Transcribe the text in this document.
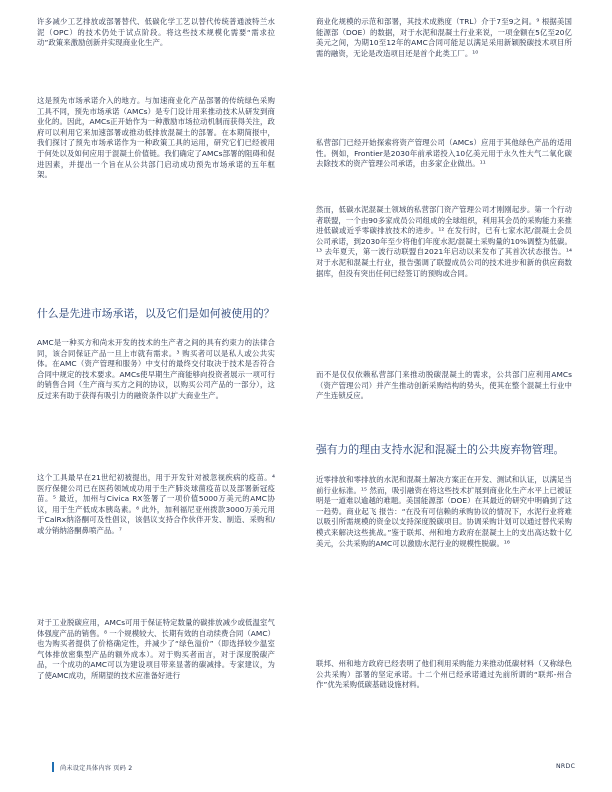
许多减少工艺排放或部署替代、低碳化学工艺以替代传统普通波特兰水泥（OPC）的技术仍处于试点阶段。将这些技术规模化需要“需求拉动”政策来激励创新并实现商业化生产。

这是预先市场承诺介入的地方。与加速商业化产品部署的传统绿色采购工具不同，预先市场承诺（AMCs）是专门设计用来推动技术从研发到商业化的。因此，AMCs正开始作为一种激励市场拉动机制而获得关注，政府可以利用它来加速部署或推动低排放混凝土的部署。在本期简报中，我们探讨了预先市场承诺作为一种政策工具的运用，研究它们已经被用于何处以及如何应用于混凝土价值链。我们确定了AMCs部署的阻碍和促进因素，并提出一个旨在从公共部门启动成功预先市场承诺的五年框架。

什么是先进市场承诺，以及它们是如何被使用的？

AMC是一种买方和尚未开发的技术的生产者之间的具有约束力的法律合同，该合同保证产品一旦上市就有需求。³ 购买者可以是私人或公共实体。在AMC（资产管理和服务）中支付的最终交付取决于技术是否符合合同中规定的技术要求。AMCs使早期生产商能够向投资者展示一项可行的销售合同（生产商与买方之间的协议，以购买公司产品的一部分），这反过来有助于获得有吸引力的融资条件以扩大商业生产。

这个工具最早在21世纪初被提出，用于开发针对被忽视疾病的疫苗。⁴ 医疗保健公司已在医药领域成功用于生产肺炎球菌疫苗以及部署新冠疫苗。⁵ 最近，加州与Civica RX签署了一项价值5000万美元的AMC协议，用于生产低成本胰岛素。⁶ 此外，加利福尼亚州拨款3000万美元用于CalRx纳洛酮可及性倡议，该倡议支持合作伙伴开发、制造、采购和/或分销纳洛酮鼻喷产品。⁷

对于工业脱碳应用，AMCs可用于保证特定数量的碳排放减少或低温室气体强度产品的销售。⁸ 一个规模较大、长期有效的自动续费合同（AMC）也为购买者提供了价格确定性，并减少了“绿色溢价”（即选择较少温室气体排放密集型产品的额外成本）。对于购买者而言，对于深度脱碳产品，一个成功的AMC可以为建设项目带来显著的碳减排。专家建议，为了使AMC成功，所期望的技术应准备好进行

商业化规模的示范和部署，其技术成熟度（TRL）介于7至9之间。⁹ 根据美国能源部（DOE）的数据，对于水泥和混凝土行业来说，一项金额在5亿至20亿美元之间，为期10至12年的AMC合同可能足以满足采用新颖脱碳技术项目所需的融资，无论是改造项目还是首个此类工厂。¹⁰

私营部门已经开始探索将资产管理公司（AMCs）应用于其他绿色产品的适用性。例如，Frontier是2030年前承诺投入10亿美元用于永久性大气二氧化碳去除技术的资产管理公司承诺，由多家企业做出。¹¹

然而，低碳水泥混凝土领域的私营部门资产管理公司才刚刚起步。第一个行动者联盟，一个由90多家成员公司组成的全球组织，利用其会员的采购能力来推进低碳或近乎零碳排放技术的进步。¹² 在发行时，已有七家水泥/混凝土会员公司承诺，到2030年至少将他们年度水泥/混凝土采购量的10%调整为低碳。¹³ 去年夏天，第一波行动联盟自2021年启动以来发布了其首次状态报告。¹⁴ 对于水泥和混凝土行业，报告强调了联盟成员公司的技术进步和新的供应商数据库，但没有突出任何已经签订的预购或合同。

而不是仅仅依赖私营部门来推动脱碳混凝土的需求，公共部门应利用AMCs（资产管理公司）并产生推动创新采购结构的势头，使其在整个混凝土行业中产生连锁反应。

强有力的理由支持水泥和混凝土的公共废弃物管理。

近零排放和零排放的水泥和混凝土解决方案正在开发、测试和认证，以满足当前行业标准。¹⁵ 然而，吸引融资在将这些技术扩展到商业化生产水平上已被证明是一道难以逾越的难题。美国能源部（DOE）在其最近的研究中明确到了这一趋势。商业起飞 报告：“在没有可信赖的承购协议的情况下，水泥行业将难以吸引所需规模的资金以支持深度脱碳项目。协调采购计划可以通过替代采购模式来解决这些挑战。”鉴于联邦、州和地方政府在混凝土上的支出高达数十亿美元，公共采购的AMC可以激励水泥行业的规模性脱碳。¹⁶

联邦、州和地方政府已经表明了他们利用采购能力来推动低碳材料（又称绿色公共采购）部署的坚定承诺。十二个州已经承诺通过先前所谓的“联邦-州合作”优先采购低碳基础设施材料。

尚未设定具体内容 页码 2	NRDC
